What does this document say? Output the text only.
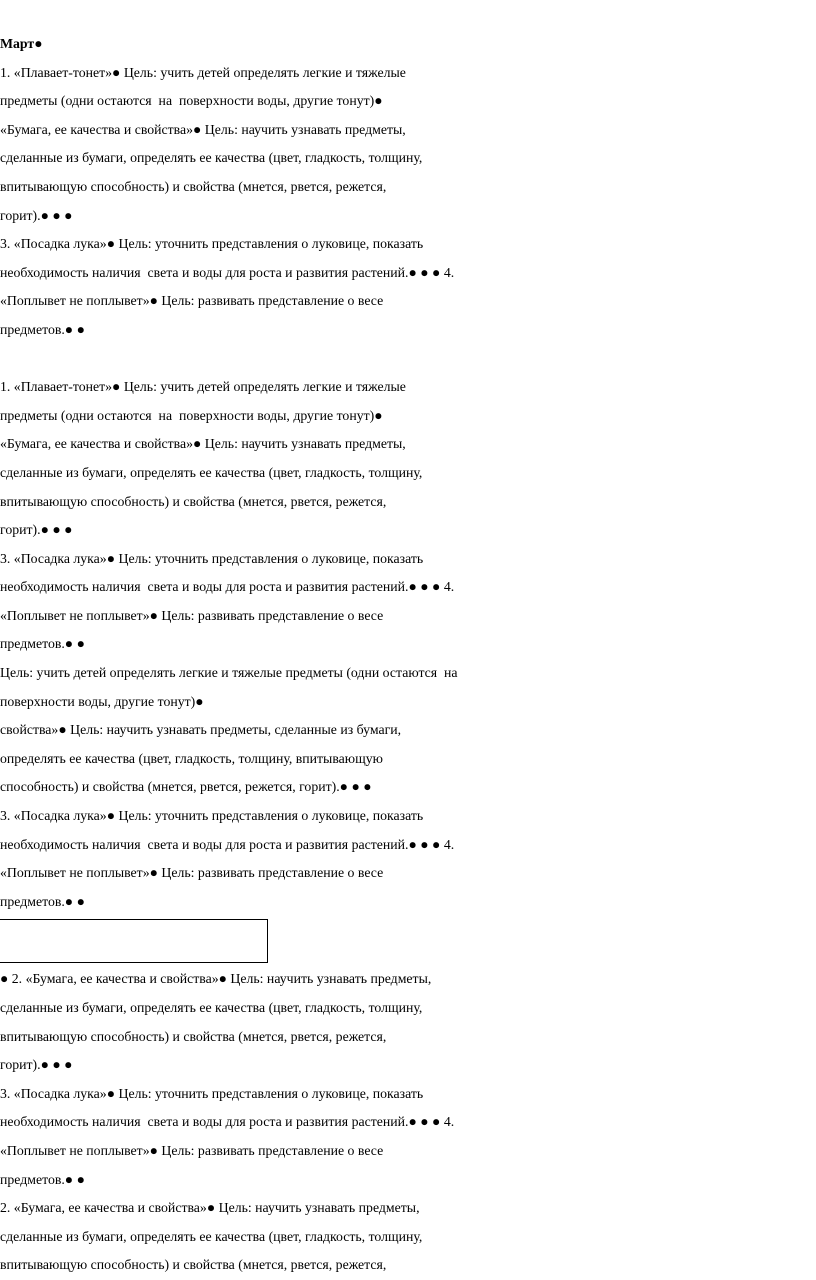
Март●

1. «Плавает-тонет»● Цель: учить детей определять легкие и тяжелые

предметы (одни остаются  на  поверхности воды, другие тонут)●

«Бумага, ее качества и свойства»● Цель: научить узнавать предметы,

сделанные из бумаги, определять ее качества (цвет, гладкость, толщину,

впитывающую способность) и свойства (мнется, рвется, режется,

горит).● ● ●

3. «Посадка лука»● Цель: уточнить представления о луковице, показать

необходимость наличия  света и воды для роста и развития растений.● ● ● 4.

«Поплывет не поплывет»● Цель: развивать представление о весе

предметов.● ●

1. «Плавает-тонет»● Цель: учить детей определять легкие и тяжелые

предметы (одни остаются  на  поверхности воды, другие тонут)●

«Бумага, ее качества и свойства»● Цель: научить узнавать предметы,

сделанные из бумаги, определять ее качества (цвет, гладкость, толщину,

впитывающую способность) и свойства (мнется, рвется, режется,

горит).● ● ●

3. «Посадка лука»● Цель: уточнить представления о луковице, показать

необходимость наличия  света и воды для роста и развития растений.● ● ● 4.

«Поплывет не поплывет»● Цель: развивать представление о весе

предметов.● ●

Цель: учить детей определять легкие и тяжелые предметы (одни остаются  на

поверхности воды, другие тонут)●

свойства»● Цель: научить узнавать предметы, сделанные из бумаги,

определять ее качества (цвет, гладкость, толщину, впитывающую

способность) и свойства (мнется, рвется, режется, горит).● ● ●

3. «Посадка лука»● Цель: уточнить представления о луковице, показать

необходимость наличия  света и воды для роста и развития растений.● ● ● 4.

«Поплывет не поплывет»● Цель: развивать представление о весе

предметов.● ●

● 2. «Бумага, ее качества и свойства»● Цель: научить узнавать предметы,

сделанные из бумаги, определять ее качества (цвет, гладкость, толщину,

впитывающую способность) и свойства (мнется, рвется, режется,

горит).● ● ●

3. «Посадка лука»● Цель: уточнить представления о луковице, показать

необходимость наличия  света и воды для роста и развития растений.● ● ● 4.

«Поплывет не поплывет»● Цель: развивать представление о весе

предметов.● ●

2. «Бумага, ее качества и свойства»● Цель: научить узнавать предметы,

сделанные из бумаги, определять ее качества (цвет, гладкость, толщину,

впитывающую способность) и свойства (мнется, рвется, режется,
